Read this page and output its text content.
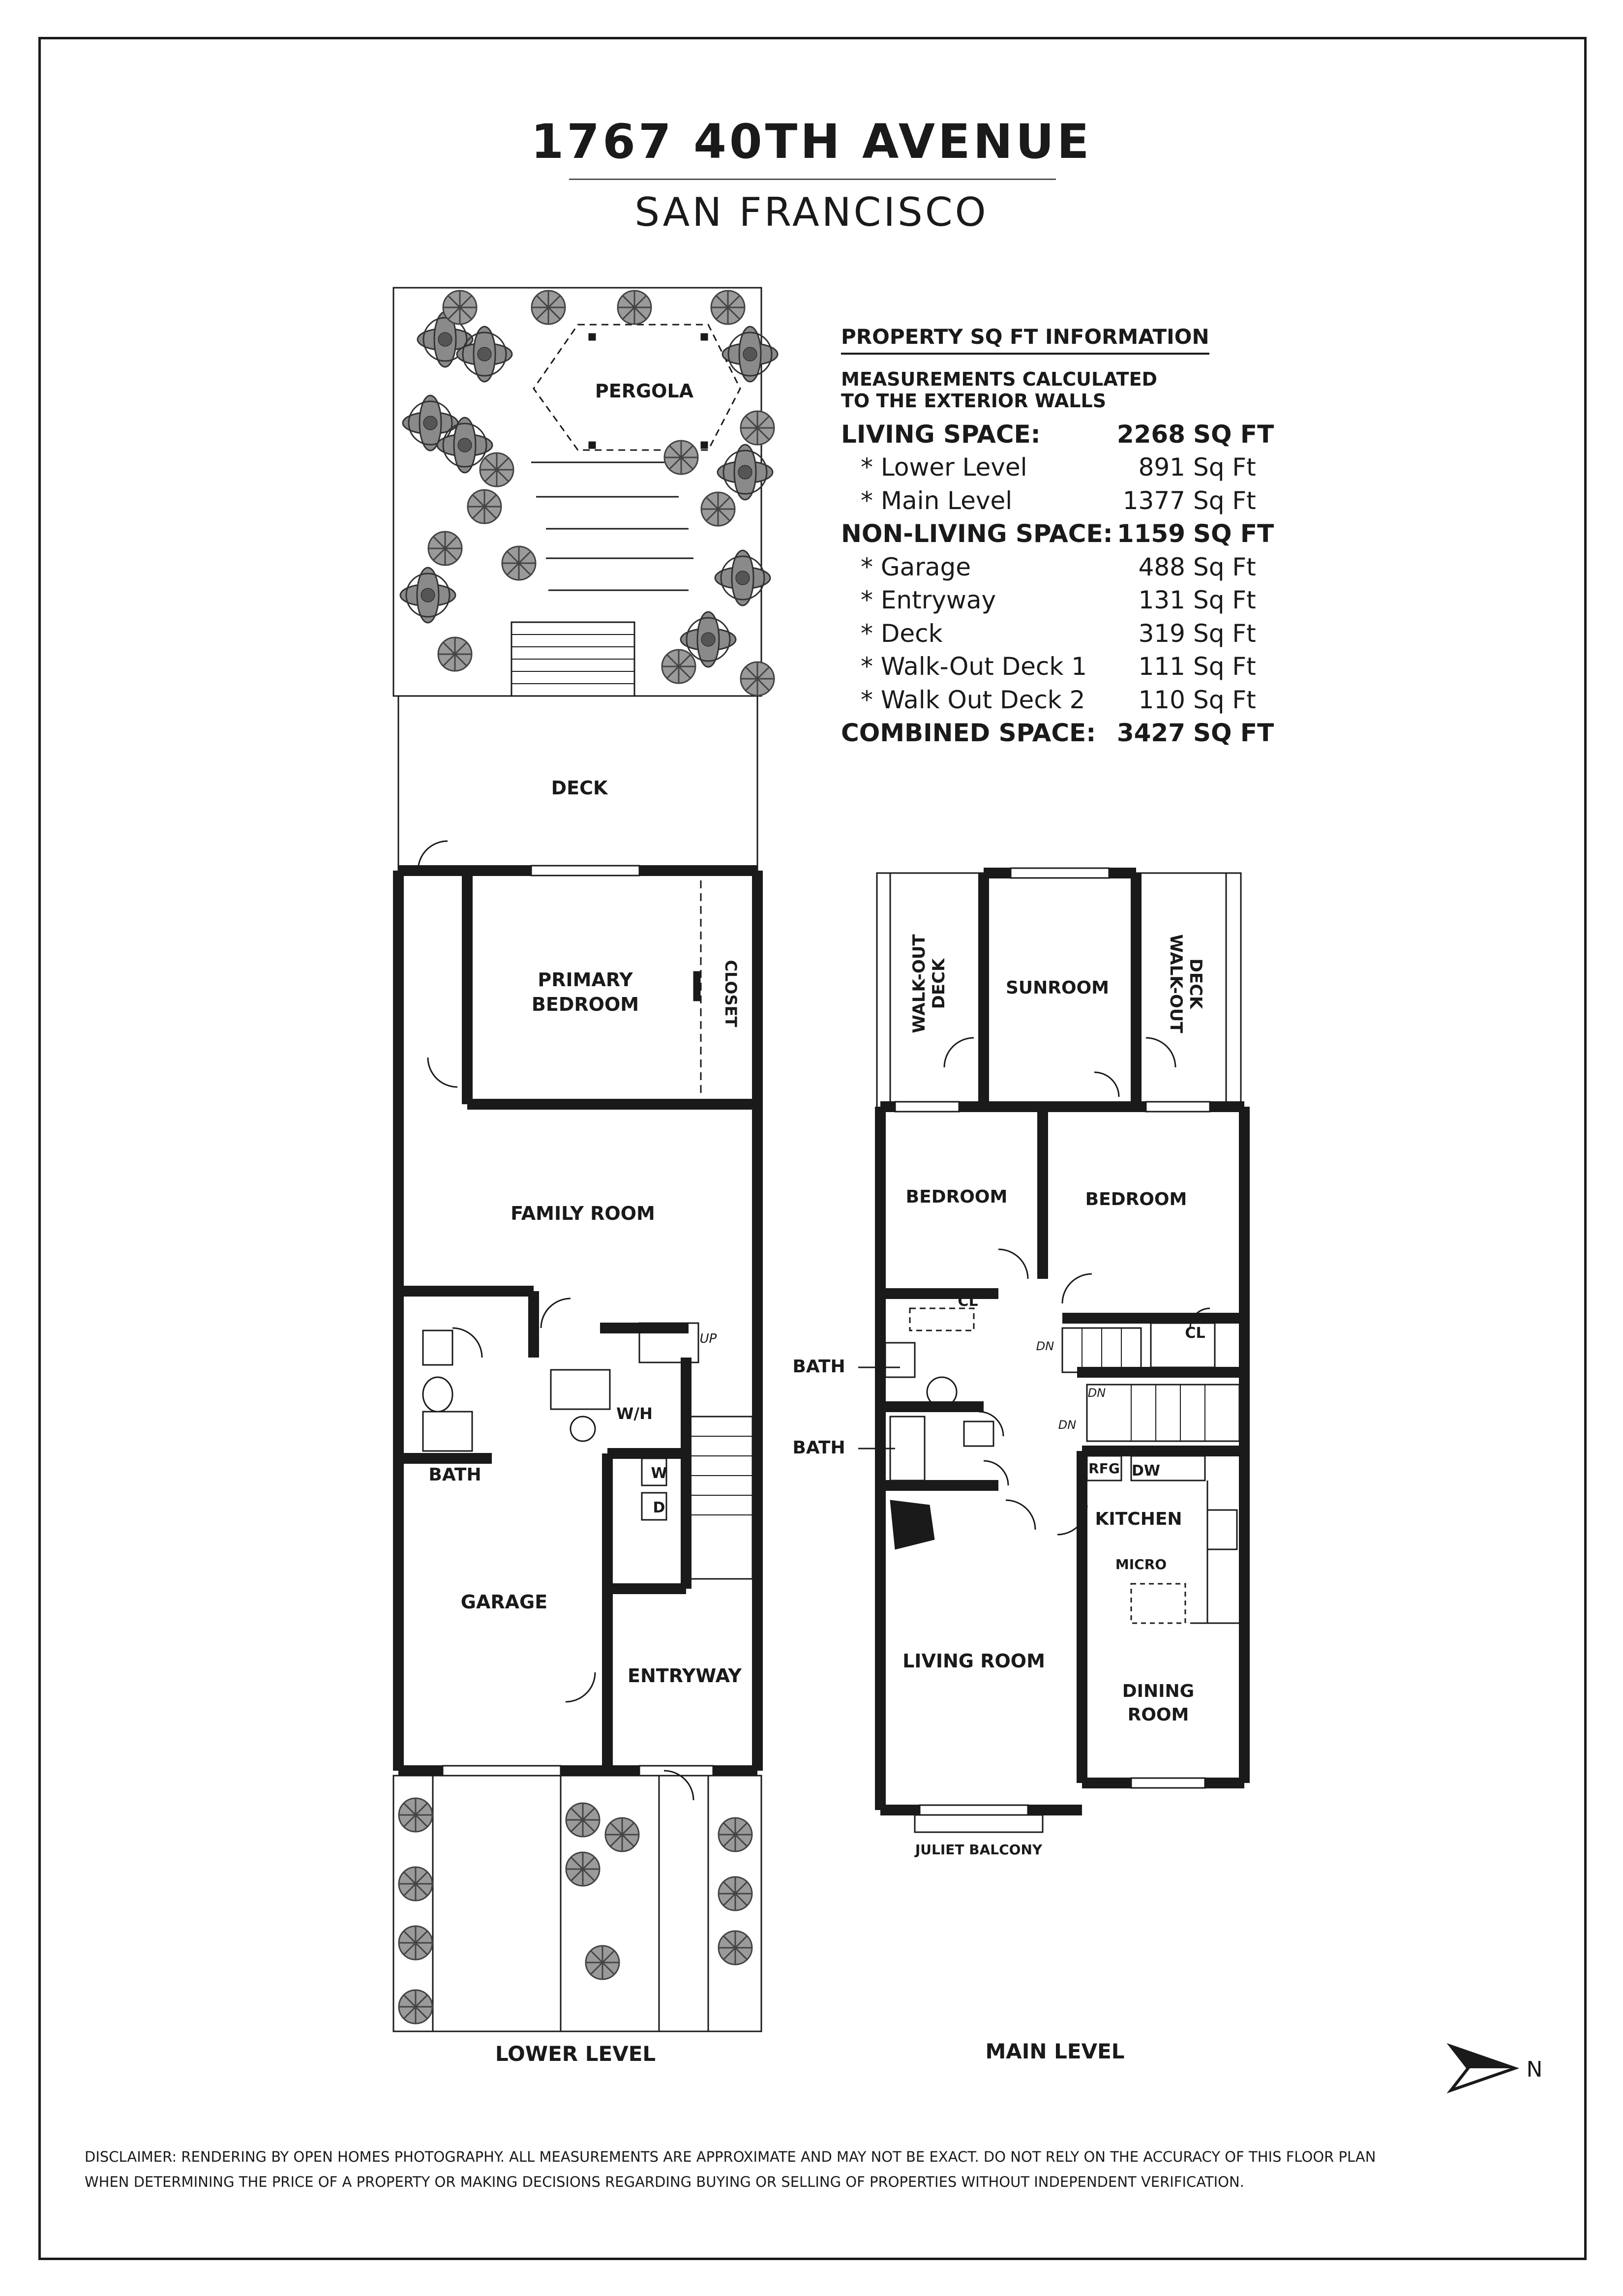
1767 40TH AVENUE
SAN FRANCISCO
PROPERTY SQ FT INFORMATION
MEASUREMENTS CALCULATED
TO THE EXTERIOR WALLS
LIVING SPACE:	2268 SQ FT
* Lower Level	891 Sq Ft
* Main Level	1377 Sq Ft
NON-LIVING SPACE: 1159 SQ FT
* Garage	488 Sq Ft
* Entryway	131 Sq Ft
* Deck	319 Sq Ft
* Walk-Out Deck 1	111 Sq Ft
* Walk Out Deck 2	110 Sq Ft
COMBINED SPACE: 3427 SQ FT
PERGOLA
DECK
PRIMARY
BEDROOM	CLOSET
FAMILY ROOM
BATH
W/H
W
D
GARAGE
ENTRYWAY
UP
LOWER LEVEL
WALK-OUT DECK	SUNROOM	WALK-OUT DECK
BEDROOM	BEDROOM
CL
CL
BATH
BATH
DN
DN
DN
RFG DW
KITCHEN
MICRO
FP
LIVING ROOM
DINING
ROOM
JULIET BALCONY
MAIN LEVEL
N
DISCLAIMER: RENDERING BY OPEN HOMES PHOTOGRAPHY. ALL MEASUREMENTS ARE APPROXIMATE AND MAY NOT BE EXACT. DO NOT RELY ON THE ACCURACY OF THIS FLOOR PLAN
WHEN DETERMINING THE PRICE OF A PROPERTY OR MAKING DECISIONS REGARDING BUYING OR SELLING OF PROPERTIES WITHOUT INDEPENDENT VERIFICATION.
